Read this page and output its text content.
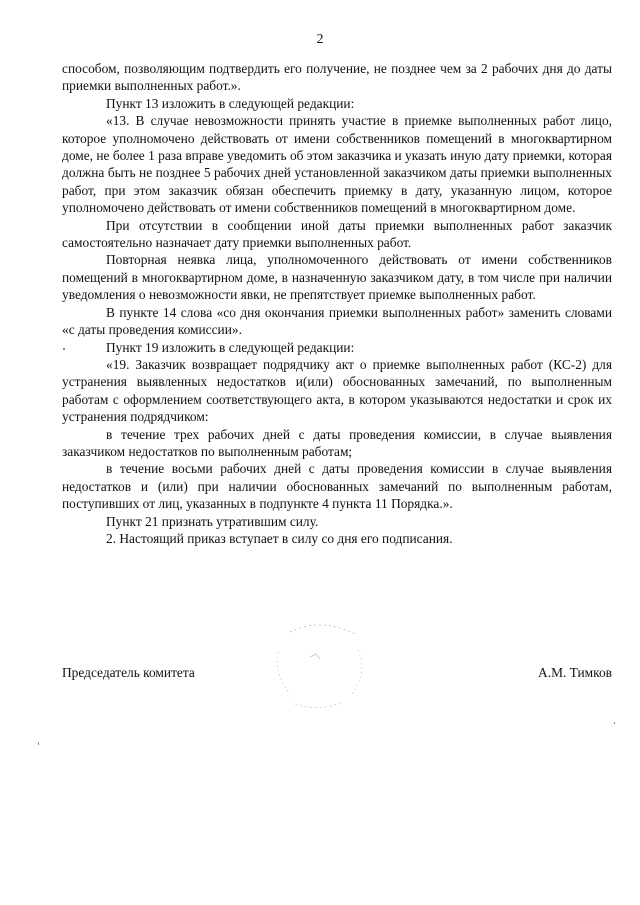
2

способом, позволяющим подтвердить его получение, не позднее чем за 2 рабочих дня до даты приемки выполненных работ.».

Пункт 13 изложить в следующей редакции:

«13. В случае невозможности принять участие в приемке выполненных работ лицо, которое уполномочено действовать от имени собственников помещений в многоквартирном доме, не более 1 раза вправе уведомить об этом заказчика и указать иную дату приемки, которая должна быть не позднее 5 рабочих дней установленной заказчиком даты приемки выполненных работ, при этом заказчик обязан обеспечить приемку в дату, указанную лицом, которое уполномочено действовать от имени собственников помещений в многоквартирном доме.

При отсутствии в сообщении иной даты приемки выполненных работ заказчик самостоятельно назначает дату приемки выполненных работ.

Повторная неявка лица, уполномоченного действовать от имени собственников помещений в многоквартирном доме, в назначенную заказчиком дату, в том числе при наличии уведомления о невозможности явки, не препятствует приемке выполненных работ.

В пункте 14 слова «со дня окончания приемки выполненных работ» заменить словами «с даты проведения комиссии».

Пункт 19 изложить в следующей редакции:

«19. Заказчик возвращает подрядчику акт о приемке выполненных работ (КС-2) для устранения выявленных недостатков и(или) обоснованных замечаний, по выполненным работам с оформлением соответствующего акта, в котором указываются недостатки и срок их устранения подрядчиком:

в течение трех рабочих дней с даты проведения комиссии, в случае выявления заказчиком недостатков по выполненным работам;

в течение восьми рабочих дней с даты проведения комиссии в случае выявления недостатков и (или) при наличии обоснованных замечаний по выполненным работам, поступивших от лиц, указанных в подпункте 4 пункта 11 Порядка.».

Пункт 21 признать утратившим силу.

2. Настоящий приказ вступает в силу со дня его подписания.

Председатель комитета	А.М. Тимков
